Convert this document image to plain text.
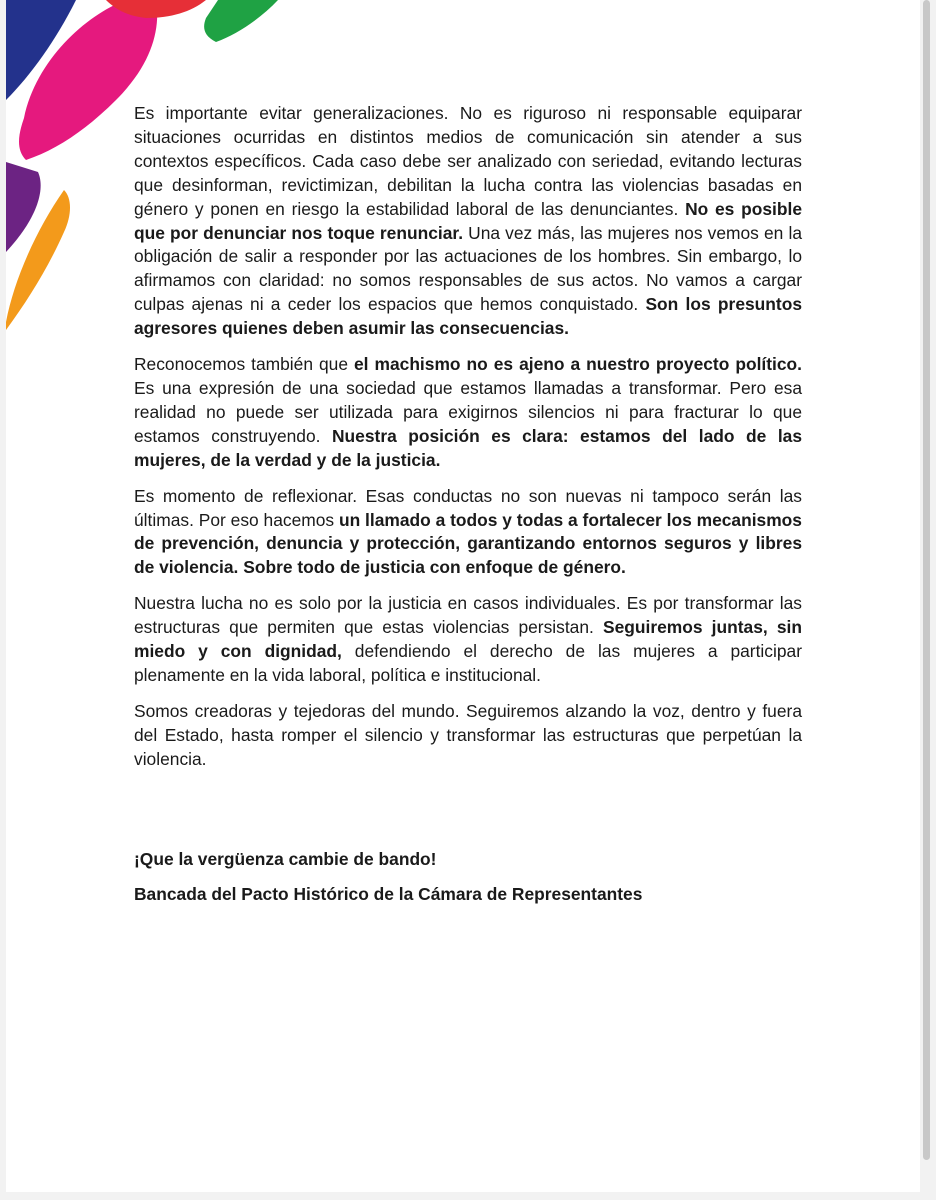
Es importante evitar generalizaciones. No es riguroso ni responsable equiparar situaciones ocurridas en distintos medios de comunicación sin atender a sus contextos específicos. Cada caso debe ser analizado con seriedad, evitando lecturas que desinforman, revictimizan, debilitan la lucha contra las violencias basadas en género y ponen en riesgo la estabilidad laboral de las denunciantes. No es posible que por denunciar nos toque renunciar. Una vez más, las mujeres nos vemos en la obligación de salir a responder por las actuaciones de los hombres. Sin embargo, lo afirmamos con claridad: no somos responsables de sus actos. No vamos a cargar culpas ajenas ni a ceder los espacios que hemos conquistado. Son los presuntos agresores quienes deben asumir las consecuencias.

Reconocemos también que el machismo no es ajeno a nuestro proyecto político. Es una expresión de una sociedad que estamos llamadas a transformar. Pero esa realidad no puede ser utilizada para exigirnos silencios ni para fracturar lo que estamos construyendo. Nuestra posición es clara: estamos del lado de las mujeres, de la verdad y de la justicia.

Es momento de reflexionar. Esas conductas no son nuevas ni tampoco serán las últimas. Por eso hacemos un llamado a todos y todas a fortalecer los mecanismos de prevención, denuncia y protección, garantizando entornos seguros y libres de violencia. Sobre todo de justicia con enfoque de género.

Nuestra lucha no es solo por la justicia en casos individuales. Es por transformar las estructuras que permiten que estas violencias persistan. Seguiremos juntas, sin miedo y con dignidad, defendiendo el derecho de las mujeres a participar plenamente en la vida laboral, política e institucional.

Somos creadoras y tejedoras del mundo. Seguiremos alzando la voz, dentro y fuera del Estado, hasta romper el silencio y transformar las estructuras que perpetúan la violencia.

¡Que la vergüenza cambie de bando!

Bancada del Pacto Histórico de la Cámara de Representantes
